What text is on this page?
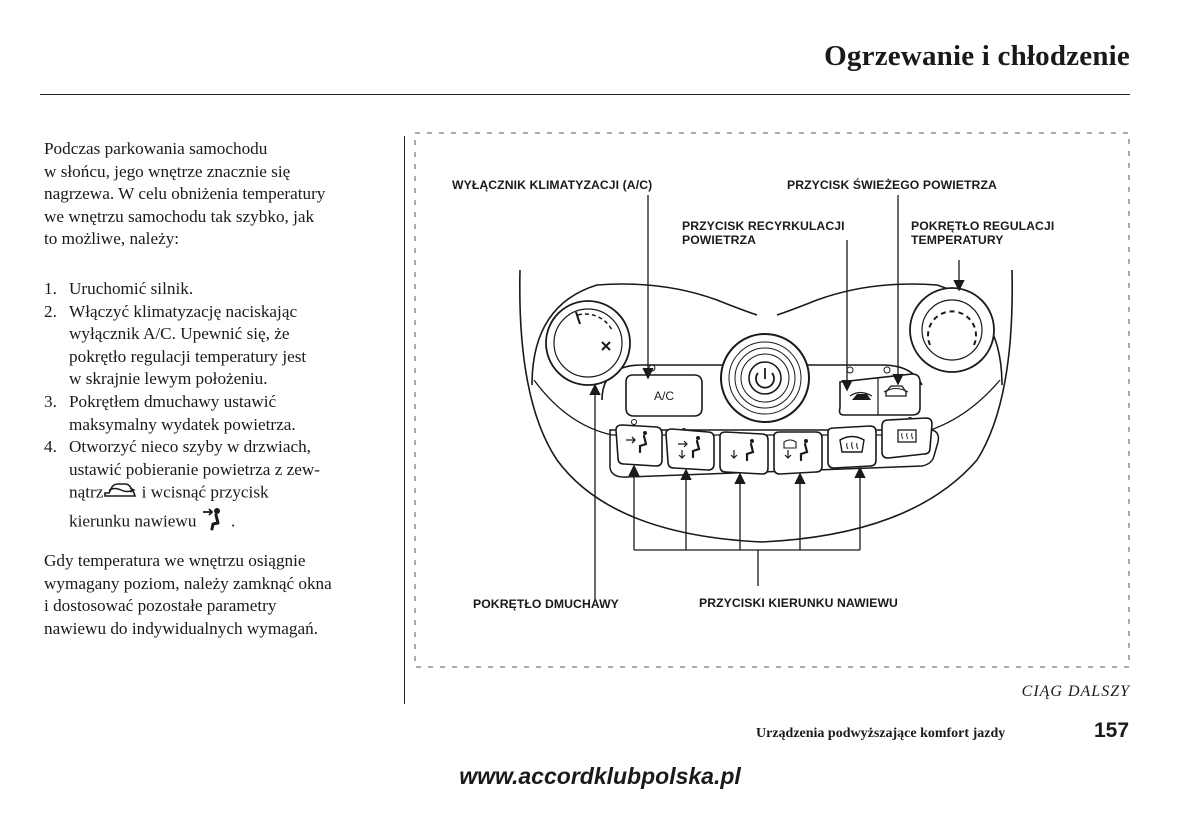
Ogrzewanie i chłodzenie
Podczas parkowania samochodu
w słońcu, jego wnętrze znacznie się
nagrzewa. W celu obniżenia temperatury
we wnętrzu samochodu tak szybko, jak
to możliwe, należy:
1. Uruchomić silnik.
2. Włączyć klimatyzację naciskając
wyłącznik A/C. Upewnić się, że
pokrętło regulacji temperatury jest
w skrajnie lewym położeniu.
3. Pokrętłem dmuchawy ustawić
maksymalny wydatek powietrza.
4. Otworzyć nieco szyby w drzwiach,
ustawić pobieranie powietrza z zew-
nątrz i wcisnąć przycisk
kierunku nawiewu  .
Gdy temperatura we wnętrzu osiągnie
wymagany poziom, należy zamknąć okna
i dostosować pozostałe parametry
nawiewu do indywidualnych wymagań.
A/C
WYŁĄCZNIK KLIMATYZACJI (A/C)	PRZYCISK ŚWIEŻEGO POWIETRZA
PRZYCISK RECYRKULACJI
POWIETRZA
POKRĘTŁO REGULACJI
TEMPERATURY
POKRĘTŁO DMUCHAWY	PRZYCISKI KIERUNKU NAWIEWU
CIĄG DALSZY
Urządzenia podwyższające komfort jazdy	157
www.accordklubpolska.pl
